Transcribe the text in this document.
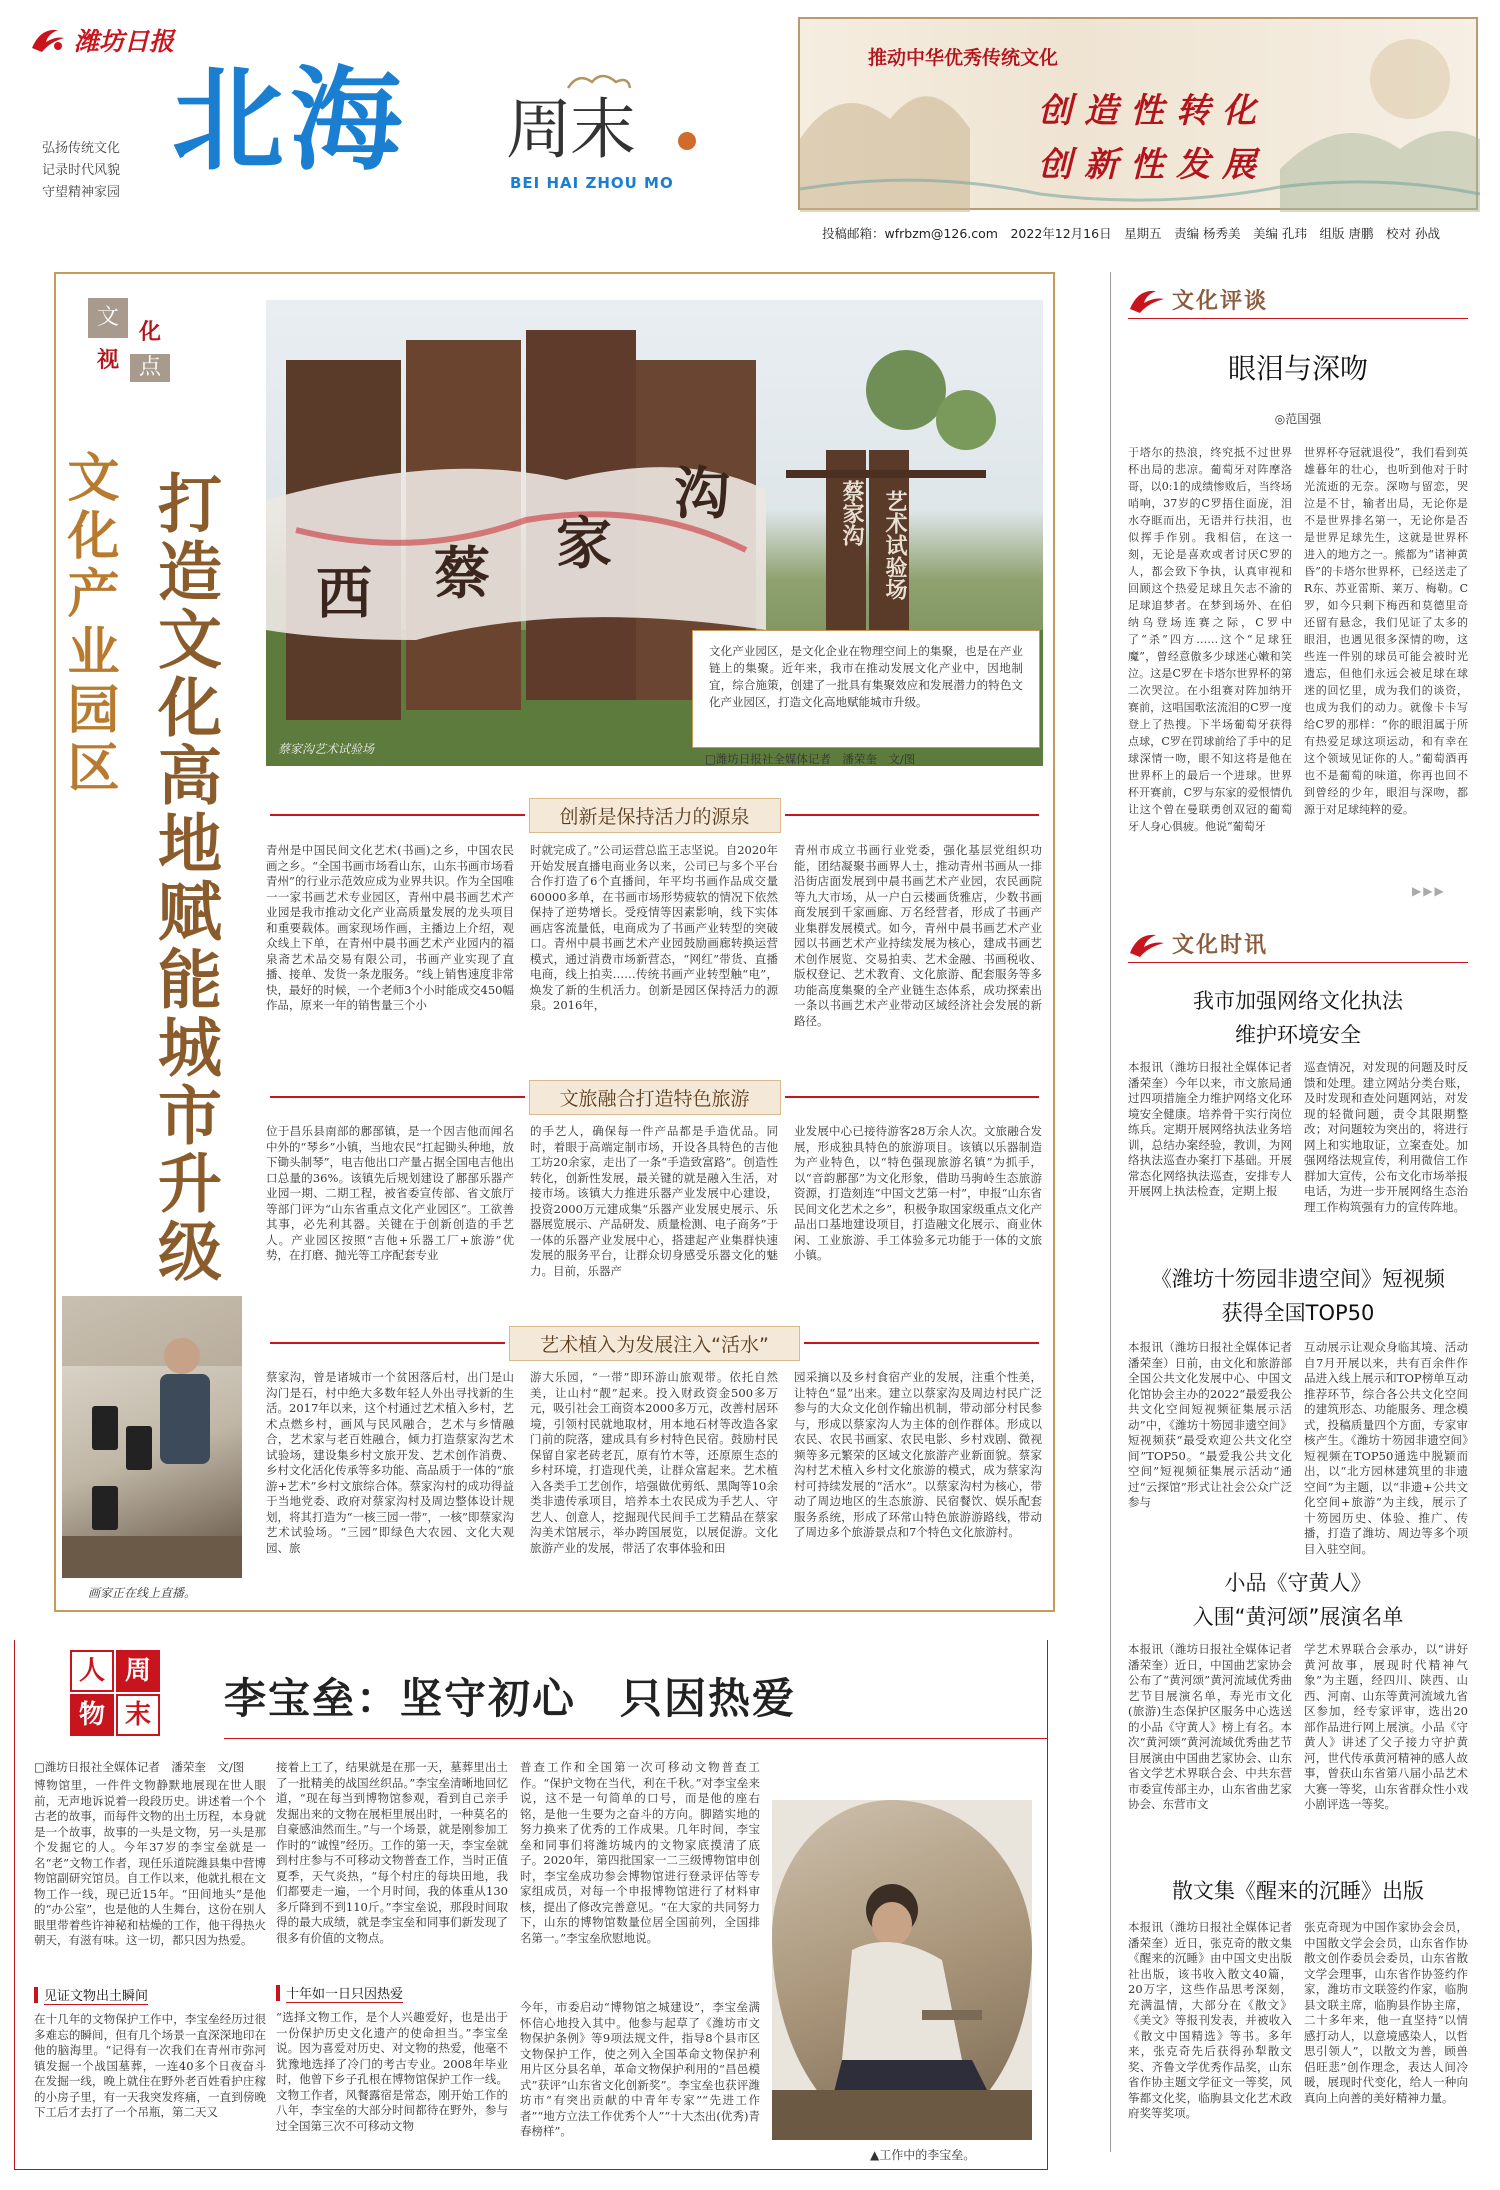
潍坊日报
弘扬传统文化
记录时代风貌
守望精神家园
北海 周末
BEI HAI ZHOU MO
推动中华优秀传统文化
创造性转化
创新性发展
投稿邮箱：wfrbzm@126.com　2022年12月16日　星期五　责编 杨秀美　美编 孔玮　组版 唐鹏　校对 孙战
文
化
视 点
文化产业园区 打造文化高地赋能城市升级 西 蔡 家
沟	蔡家沟 艺术试验场
蔡家沟艺术试验场
文化产业园区，是文化企业在物理空间上的集聚，也是在产业链上的集聚。近年来，我市在推动发展文化产业中，因地制宜，综合施策，创建了一批具有集聚效应和发展潜力的特色文化产业园区，打造文化高地赋能城市升级。
□潍坊日报社全媒体记者　潘荣奎　文/图
创新是保持活力的源泉
青州是中国民间文化艺术(书画)之乡，中国农民画之乡。“全国书画市场看山东，山东书画市场看青州”的行业示范效应成为业界共识。作为全国唯一一家书画艺术专业园区，青州中晨书画艺术产业园是我市推动文化产业高质量发展的龙头项目和重要载体。画家现场作画，主播边上介绍，观众线上下单，在青州中晨书画艺术产业园内的福泉斋艺术品交易有限公司，书画产业实现了直播、接单、发货一条龙服务。“线上销售速度非常快，最好的时候，一个老师3个小时能成交450幅作品，原来一年的销售量三个小
时就完成了。”公司运营总监王志坚说。自2020年开始发展直播电商业务以来，公司已与多个平台合作打造了6个直播间，年平均书画作品成交量60000多单，在书画市场形势疲软的情况下依然保持了逆势增长。受疫情等因素影响，线下实体画店客流量低，电商成为了书画产业转型的突破口。青州中晨书画艺术产业园鼓励画廊转换运营模式，通过消费市场新营态，“网红”带货、直播电商，线上拍卖……传统书画产业转型触“电”，焕发了新的生机活力。创新是园区保持活力的源泉。2016年，
青州市成立书画行业党委，强化基层党组织功能，团结凝聚书画界人士，推动青州书画从一排沿街店面发展到中晨书画艺术产业园，农民画院等九大市场，从一户白云楼画货雅店，少数书画商发展到千家画廊、万名经营者，形成了书画产业集群发展模式。如今，青州中晨书画艺术产业园以书画艺术产业持续发展为核心，建成书画艺术创作展览、交易拍卖、艺术金融、书画税收、版权登记、艺术教育、文化旅游、配套服务等多功能高度集聚的全产业链生态体系，成功探索出一条以书画艺术产业带动区域经济社会发展的新路径。
文旅融合打造特色旅游
位于昌乐县南部的鄌郚镇，是一个因吉他而闻名中外的“琴乡”小镇，当地农民“扛起锄头种地，放下锄头制琴”，电吉他出口产量占据全国电吉他出口总量的36%。该镇先后规划建设了鄌郚乐器产业园一期、二期工程，被省委宣传部、省文旅厅等部门评为“山东省重点文化产业园区”。工欲善其事，必先利其器。关键在于创新创造的手艺人。产业园区按照“吉他+乐器工厂+旅游”优势，在打磨、抛光等工序配套专业
的手艺人，确保每一件产品都是手造优品。同时，着眼于高端定制市场，开设各具特色的吉他工坊20余家，走出了一条“手造致富路”。创造性转化，创新性发展，最关键的就是融入生活，对接市场。该镇大力推进乐器产业发展中心建设，投资2000万元建成集“乐器产业发展史展示、乐器展览展示、产品研发、质量检测、电子商务”于一体的乐器产业发展中心，搭建起产业集群快速发展的服务平台，让群众切身感受乐器文化的魅力。目前，乐器产
业发展中心已接待游客28万余人次。文旅融合发展，形成独具特色的旅游项目。该镇以乐器制造为产业特色，以“特色强现旅游名镇”为抓手，以“音韵鄌郚”为文化形象，借助马驹岭生态旅游资源，打造刻连“中国文艺第一村”，申报“山东省民间文化艺术之乡”，积极争取国家级重点文化产品出口基地建设项目，打造融文化展示、商业休闲、工业旅游、手工体验多元功能于一体的文旅小镇。
画家正在线上直播。
艺术植入为发展注入“活水”
蔡家沟，曾是诸城市一个贫困落后村，出门是山沟门是石，村中绝大多数年轻人外出寻找新的生活。2017年以来，这个村通过艺术植入乡村，艺术点燃乡村，画风与民风融合，艺术与乡情融合，艺术家与老百姓融合，倾力打造蔡家沟艺术试验场，建设集乡村文旅开发、艺术创作消费、乡村文化活化传承等多功能、高品质于一体的“旅游+艺术”乡村文旅综合体。蔡家沟村的成功得益于当地党委、政府对蔡家沟村及周边整体设计规划，将其打造为“一核三园一带”，一核”即蔡家沟艺术试验场。“三园”即绿色大农园、文化大观园、旅
游大乐园，“一带”即环游山旅观带。依托自然美，让山村“靓”起来。投入财政资金500多万元，吸引社会工商资本2000多万元，改善村居环境，引领村民就地取材，用本地石材等改造各家门前的院落，建成具有乡村特色民宿。鼓励村民保留自家老砖老瓦，原有竹木等，还原原生态的乡村环境，打造现代美，让群众富起来。艺术植入各类手工艺创作，培强做优剪纸、黑陶等10余类非遗传承项目，培养本土农民成为手艺人、守艺人、创意人，挖掘现代民间手工艺精品在蔡家沟美术馆展示，举办跨国展览，以展促游。文化旅游产业的发展，带活了农事体验和田
园采摘以及乡村食宿产业的发展，注重个性美，让特色“显”出来。建立以蔡家沟及周边村民广泛参与的大众文化创作输出机制，带动部分村民参与，形成以蔡家沟人为主体的创作群体。形成以农民、农民书画家、农民电影、乡村戏剧、微视频等多元繁荣的区域文化旅游产业新面貌。蔡家沟村艺术植入乡村文化旅游的模式，成为蔡家沟村可持续发展的“活水”。以蔡家沟村为核心，带动了周边地区的生态旅游、民宿餐饮、娱乐配套服务系统，形成了环常山特色旅游游路线，带动了周边多个旅游景点和7个特色文化旅游村。
文化评谈
眼泪与深吻
◎范国强
于塔尔的热浪，终究抵不过世界杯出局的悲凉。葡萄牙对阵摩洛哥，以0:1的成绩惨败后，当终场哨响，37岁的C罗捂住面庞，泪水夺眶而出，无语并行扶泪，也似挥手作别。我相信，在这一刻，无论是喜欢或者讨厌C罗的人，都会致下争执，认真审视和回顾这个热爱足球且矢志不渝的足球追梦者。在梦到场外、在伯纳乌登场连赛之际，C罗中了“杀”四方……这个“足球狂魔”，曾经意傲多少球迷心嫩和笑泣。这是C罗在卡塔尔世界杯的第二次哭泣。在小组赛对阵加纳开赛前，这唱国歌泫流泪的C罗一度登上了热搜。下半场葡萄牙获得点球，C罗在罚球前给了手中的足球深情一吻，眼不知这将是他在世界杯上的最后一个进球。世界杯开赛前，C罗与东家的爱恨情仇让这个曾在曼联勇创双冠的葡萄牙人身心俱疲。他说“葡萄牙
世界杯夺冠就退役”，我们看到英雄暮年的壮心，也听到他对于时光流逝的无奈。深吻与留恋，哭泣是不甘，输者出局，无论你是不是世界排名第一，无论你是否是世界足球先生，这就是世界杯进入的地方之一。熊都为“诸神黄昏”的卡塔尔世界杯，已经送走了R东、苏亚雷斯、莱万、梅勒。C罗，如今只剩下梅西和莫德里奇还留有悬念，我们见证了太多的眼泪，也遇见很多深情的吻，这些连一件别的球员可能会被时光遗忘，但他们永远会被足球在球迷的回忆里，成为我们的谈资，也成为我们的动力。就像卡卡写给C罗的那样：“你的眼泪属于所有热爱足球这项运动，和有幸在这个领域见证你的人。”葡萄酒再也不是葡萄的味道，你再也回不到曾经的少年，眼泪与深吻，都源于对足球纯粹的爱。
▶▶▶
文化时讯
我市加强网络文化执法
维护环境安全
本报讯（潍坊日报社全媒体记者　潘荣奎）今年以来，市文旅局通过四项措施全力维护网络文化环境安全健康。培养骨干实行岗位练兵。定期开展网络执法业务培训，总结办案经验，教训，为网络执法巡查办案打下基础。开展常态化网络执法巡查，安排专人开展网上执法检查，定期上报
巡查情况，对发现的问题及时反馈和处理。建立网站分类台账，及时发现和查处问题网站，对发现的轻微问题，责令其限期整改；对问题较为突出的，将进行网上和实地取证，立案查处。加强网络法规宣传，利用微信工作群加大宣传，公布文化市场举报电话，为进一步开展网络生态治理工作构筑强有力的宣传阵地。
《潍坊十笏园非遗空间》短视频
获得全国TOP50
本报讯（潍坊日报社全媒体记者　潘荣奎）日前，由文化和旅游部全国公共文化发展中心、中国文化馆协会主办的2022“最爱我公共文化空间短视频征集展示活动”中，《潍坊十笏园非遗空间》短视频获“最受欢迎公共文化空间”TOP50。“最爱我公共文化空间”短视频征集展示活动“通过“云探馆”形式让社会公众广泛参与
互动展示让观众身临其境、活动自7月开展以来，共有百余件作品进入线上展示和TOP榜单互动推荐环节，综合各公共文化空间的建筑形态、功能服务、理念模式，投稿质量四个方面，专家审核产生。《潍坊十笏园非遗空间》短视频在TOP50通选中脱颖而出，以“北方园林建筑里的非遗空间”为主题，以“非遗+公共文化空间+旅游”为主线，展示了十笏园历史、体验、推广、传播，打造了潍坊、周边等多个项目入驻空间。
小品《守黄人》
入围“黄河颂”展演名单
本报讯（潍坊日报社全媒体记者　潘荣奎）近日，中国曲艺家协会公布了“黄河颂”黄河流域优秀曲艺节目展演名单，寿光市文化(旅游)生态保护区服务中心选送的小品《守黄人》榜上有名。本次“黄河颂”黄河流域优秀曲艺节目展演由中国曲艺家协会、山东省文学艺术界联合会、中共东营市委宣传部主办，山东省曲艺家协会、东营市文
学艺术界联合会承办，以“讲好黄河故事，展现时代精神气象”为主题，经四川、陕西、山西、河南、山东等黄河流域九省区参加，经专家评审，选出20部作品进行网上展演。小品《守黄人》讲述了父子接力守护黄河，世代传承黄河精神的感人故事，曾获山东省第八届小品艺术大赛一等奖，山东省群众性小戏小剧评选一等奖。
散文集《醒来的沉睡》出版
本报讯（潍坊日报社全媒体记者　潘荣奎）近日，张克奇的散文集《醒来的沉睡》由中国文史出版社出版，该书收入散文40篇，20万字，这些作品思考深刻，充满温情，大部分在《散文》《美文》等报刊发表，并被收入《散文中国精选》等书。多年来，张克奇先后获得孙犁散文奖、齐鲁文学优秀作品奖，山东省作协主题文学征文一等奖，风筝都文化奖，临朐县文化艺术政府奖等奖项。
张克奇现为中国作家协会会员，中国散文学会会员，山东省作协散文创作委员会委员，山东省散文学会理事，山东省作协签约作家，潍坊市文联签约作家，临朐县文联主席，临朐县作协主席，二十多年来，他一直坚持“以情感打动人，以意境感染人，以哲思引领人”，以散文为善，顾兽侣旺悲”创作理念，表达人间冷暖，展现时代变化，给人一种向真向上向善的美好精神力量。
人 周
物 末 李宝垒：坚守初心　只因热爱
□潍坊日报社全媒体记者　潘荣奎　文/图
博物馆里，一件件文物静默地展现在世人眼前，无声地诉说着一段段历史。讲述着一个个古老的故事，而每件文物的出土历程，本身就是一个故事，故事的一头是文物，另一头是那个发掘它的人。今年37岁的李宝垒就是一名“老”文物工作者，现任乐道院潍县集中营博物馆副研究馆员。自工作以来，他就扎根在文物工作一线，现已近15年。“田间地头”是他的“办公室”，也是他的人生舞台，这份在别人眼里带着些许神秘和枯燥的工作，他干得热火朝天，有滋有味。这一切，都只因为热爱。
见证文物出土瞬间
在十几年的文物保护工作中，李宝垒经历过很多难忘的瞬间，但有几个场景一直深深地印在他的脑海里。“记得有一次我们在青州市弥河镇发掘一个战国墓葬，一连40多个日夜奋斗在发掘一线，晚上就住在野外老百姓看护庄稼的小房子里，有一天我突发疼痛，一直到傍晚下工后才去打了一个吊瓶，第二天又
接着上工了，结果就是在那一天，墓葬里出土了一批精美的战国丝织品。”李宝垒清晰地回忆道，“现在每当到博物馆参观，看到自己亲手发掘出来的文物在展柜里展出时，一种莫名的自豪感油然而生。”与一个场景，就是刚参加工作时的“诚惶”经历。工作的第一天，李宝垒就到村庄参与不可移动文物普查工作，当时正值夏季，天气炎热，“每个村庄的每块田地，我们都要走一遍，一个月时间，我的体重从130多斤降到不到110斤。”李宝垒说，那段时间取得的最大成绩，就是李宝垒和同事们新发现了很多有价值的文物点。
十年如一日只因热爱
“选择文物工作，是个人兴趣爱好，也是出于一份保护历史文化遗产的使命担当。”李宝垒说。因为喜爱对历史、对文物的热爱，他毫不犹豫地选择了冷门的考古专业。2008年毕业时，他曾下乡子孔根在博物馆保护工作一线。文物工作者，风餐露宿是常态，刚开始工作的八年，李宝垒的大部分时间都待在野外，参与过全国第三次不可移动文物
普查工作和全国第一次可移动文物普查工作。“保护文物在当代，利在千秋。”对李宝垒来说，这不是一句简单的口号，而是他的座右铭，是他一生要为之奋斗的方向。脚踏实地的努力换来了优秀的工作成果。几年时间，李宝垒和同事们将潍坊城内的文物家底摸清了底子。2020年，第四批国家一二三级博物馆申创时，李宝垒成功参会博物馆进行登录评估等专家组成员，对每一个申报博物馆进行了材料审核，提出了修改完善意见。“在大家的共同努力下，山东的博物馆数量位居全国前列，全国排名第一。”李宝垒欣慰地说。
今年，市委启动“博物馆之城建设”，李宝垒满怀信心地投入其中。他参与起草了《潍坊市文物保护条例》等9项法规文件，指导8个县市区文物保护工作，使之列入全国革命文物保护利用片区分县名单，革命文物保护利用的“昌邑模式”获评“山东省文化创新奖”。李宝垒也获评潍坊市“有突出贡献的中青年专家”“先进工作者”“地方立法工作优秀个人”“十大杰出(优秀)青春榜样”。
▲工作中的李宝垒。
